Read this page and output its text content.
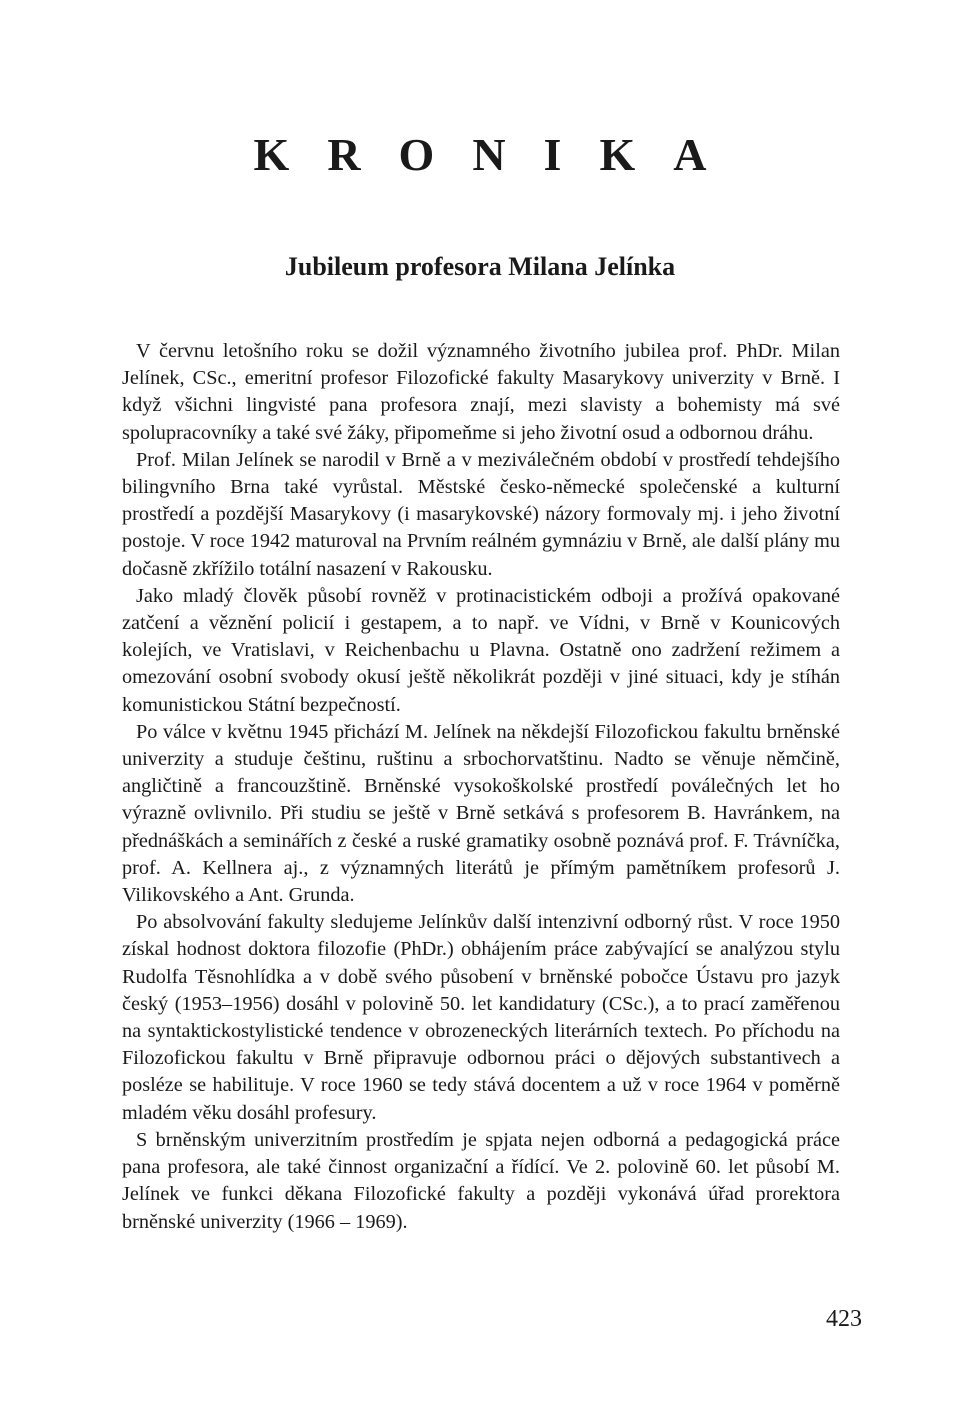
KRONIKA
Jubileum profesora Milana Jelínka

V červnu letošního roku se dožil významného životního jubilea prof. PhDr. Milan Jelínek, CSc., emeritní profesor Filozofické fakulty Masarykovy univerzity v Brně. I když všichni lingvisté pana profesora znají, mezi slavisty a bohemisty má své spolupracovníky a také své žáky, připomeňme si jeho životní osud a odbornou dráhu.

Prof. Milan Jelínek se narodil v Brně a v meziválečném období v prostředí tehdejšího bilingvního Brna také vyrůstal. Městské česko-německé společenské a kulturní prostředí a pozdější Masarykovy (i masarykovské) názory formovaly mj. i jeho životní postoje. V roce 1942 maturoval na Prvním reálném gymnáziu v Brně, ale další plány mu dočasně zkřížilo totální nasazení v Rakousku.

Jako mladý člověk působí rovněž v protinacistickém odboji a prožívá opakované zatčení a věznění policií i gestapem, a to např. ve Vídni, v Brně v Kounicových kolejích, ve Vratislavi, v Reichenbachu u Plavna. Ostatně ono zadržení režimem a omezování osobní svobody okusí ještě několikrát později v jiné situaci, kdy je stíhán komunistickou Státní bezpečností.

Po válce v květnu 1945 přichází M. Jelínek na někdejší Filozofickou fakultu brněnské univerzity a studuje češtinu, ruštinu a srbochorvatštinu. Nadto se věnuje němčině, angličtině a francouzštině. Brněnské vysokoškolské prostředí poválečných let ho výrazně ovlivnilo. Při studiu se ještě v Brně setkává s profesorem B. Havránkem, na přednáškách a seminářích z české a ruské gramatiky osobně poznává prof. F. Trávníčka, prof. A. Kellnera aj., z významných literátů je přímým pamětníkem profesorů J. Vilikovského a Ant. Grunda.

Po absolvování fakulty sledujeme Jelínkův další intenzivní odborný růst. V roce 1950 získal hodnost doktora filozofie (PhDr.) obhájením práce zabývající se analýzou stylu Rudolfa Těsnohlídka a v době svého působení v brněnské pobočce Ústavu pro jazyk český (1953–1956) dosáhl v polovině 50. let kandidatury (CSc.), a to prací zaměřenou na syntaktickostylistické tendence v obrozeneckých literárních textech. Po příchodu na Filozofickou fakultu v Brně připravuje odbornou práci o dějových substantivech a posléze se habilituje. V roce 1960 se tedy stává docentem a už v roce 1964 v poměrně mladém věku dosáhl profesury.

S brněnským univerzitním prostředím je spjata nejen odborná a pedagogická práce pana profesora, ale také činnost organizační a řídící. Ve 2. polovině 60. let působí M. Jelínek ve funkci děkana Filozofické fakulty a později vykonává úřad prorektora brněnské univerzity (1966 – 1969).

423
